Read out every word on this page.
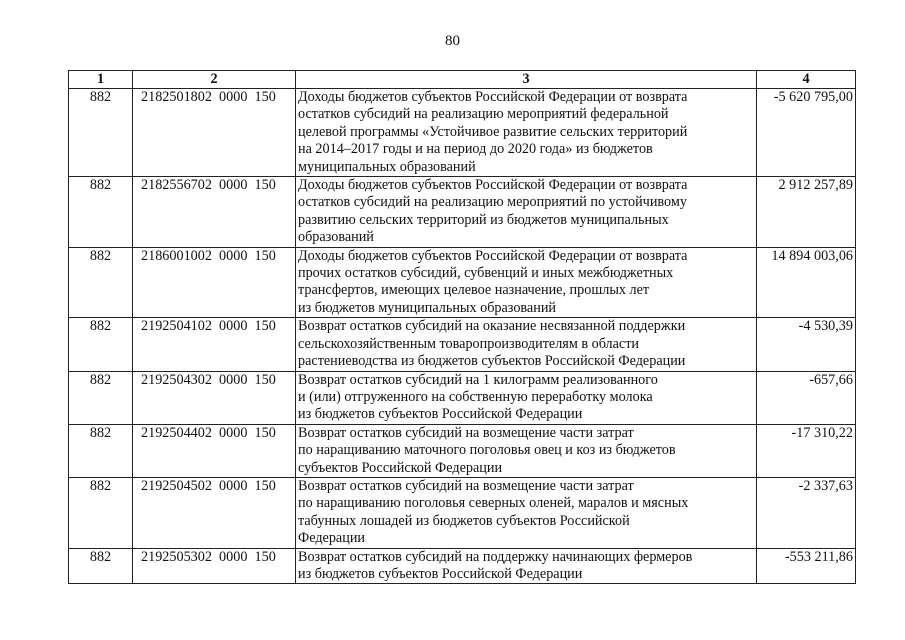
80
1	2	3	4
882	2182501802  0000  150	Доходы бюджетов субъектов Российской Федерации от возврата
остатков субсидий на реализацию мероприятий федеральной
целевой программы «Устойчивое развитие сельских территорий
на 2014–2017 годы и на период до 2020 года» из бюджетов
муниципальных образований	-5 620 795,00
882	2182556702  0000  150	Доходы бюджетов субъектов Российской Федерации от возврата
остатков субсидий на реализацию мероприятий по устойчивому
развитию сельских территорий из бюджетов муниципальных
образований	2 912 257,89
882	2186001002  0000  150	Доходы бюджетов субъектов Российской Федерации от возврата
прочих остатков субсидий, субвенций и иных межбюджетных
трансфертов, имеющих целевое назначение, прошлых лет
из бюджетов муниципальных образований	14 894 003,06
882	2192504102  0000  150	Возврат остатков субсидий на оказание несвязанной поддержки
сельскохозяйственным товаропроизводителям в области
растениеводства из бюджетов субъектов Российской Федерации	-4 530,39
882	2192504302  0000  150	Возврат остатков субсидий на 1 килограмм реализованного
и (или) отгруженного на собственную переработку молока
из бюджетов субъектов Российской Федерации	-657,66
882	2192504402  0000  150	Возврат остатков субсидий на возмещение части затрат
по наращиванию маточного поголовья овец и коз из бюджетов
субъектов Российской Федерации	-17 310,22
882	2192504502  0000  150	Возврат остатков субсидий на возмещение части затрат
по наращиванию поголовья северных оленей, маралов и мясных
табунных лошадей из бюджетов субъектов Российской
Федерации	-2 337,63
882	2192505302  0000  150	Возврат остатков субсидий на поддержку начинающих фермеров
из бюджетов субъектов Российской Федерации	-553 211,86
